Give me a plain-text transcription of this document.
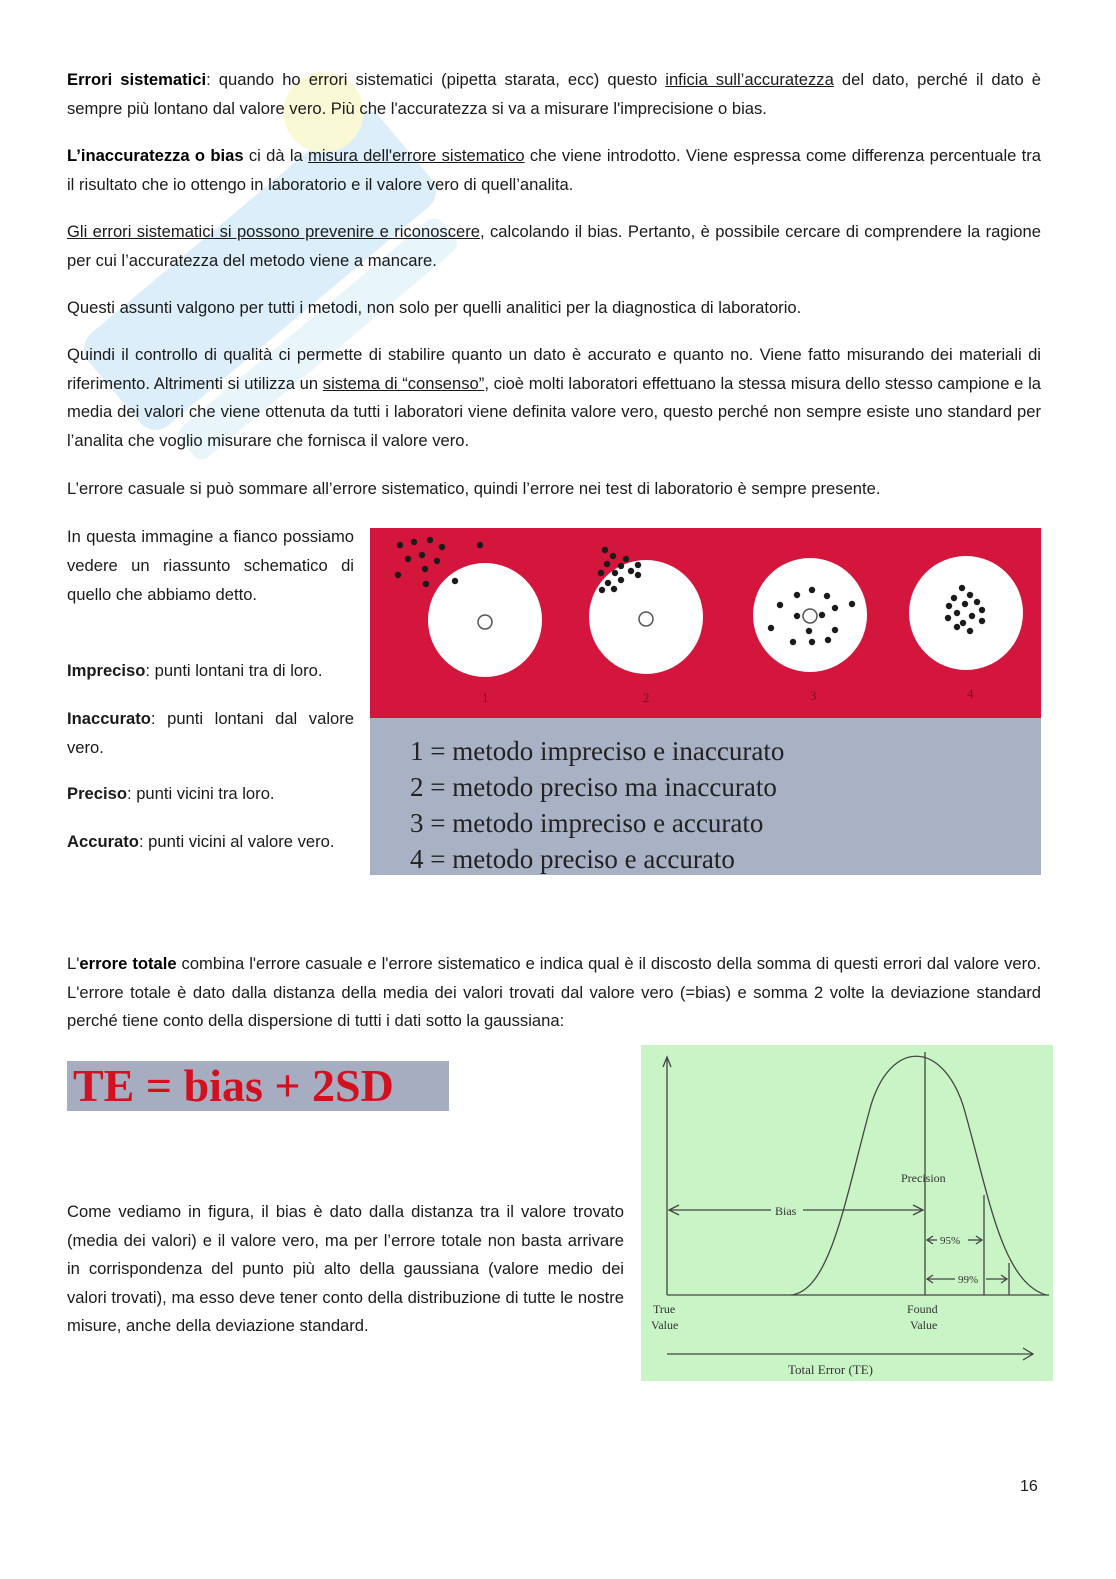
Errori sistematici: quando ho errori sistematici (pipetta starata, ecc) questo inficia sull’accuratezza del dato, perché il dato è sempre più lontano dal valore vero. Più che l'accuratezza si va a misurare l'imprecisione o bias.

L’inaccuratezza o bias ci dà la misura dell'errore sistematico che viene introdotto. Viene espressa come differenza percentuale tra il risultato che io ottengo in laboratorio e il valore vero di quell’analita.

Gli errori sistematici si possono prevenire e riconoscere, calcolando il bias. Pertanto, è possibile cercare di comprendere la ragione per cui l’accuratezza del metodo viene a mancare.

Questi assunti valgono per tutti i metodi, non solo per quelli analitici per la diagnostica di laboratorio.

Quindi il controllo di qualità ci permette di stabilire quanto un dato è accurato e quanto no. Viene fatto misurando dei materiali di riferimento. Altrimenti si utilizza un sistema di “consenso”, cioè molti laboratori effettuano la stessa misura dello stesso campione e la media dei valori che viene ottenuta da tutti i laboratori viene definita valore vero, questo perché non sempre esiste uno standard per l’analita che voglio misurare che fornisca il valore vero.

L’errore casuale si può sommare all’errore sistematico, quindi l’errore nei test di laboratorio è sempre presente.

In questa immagine a fianco possiamo vedere un riassunto schematico di quello che abbiamo detto.

Impreciso: punti lontani tra di loro.

Inaccurato: punti lontani dal valore vero.

Preciso: punti vicini tra loro.

Accurato: punti vicini al valore vero.

1	2	3	4
1 = metodo impreciso e inaccurato
2 = metodo preciso ma inaccurato
3 = metodo impreciso e accurato
4 = metodo preciso e accurato

L'errore totale combina l'errore casuale e l'errore sistematico e indica qual è il discosto della somma di questi errori dal valore vero. L'errore totale è dato dalla distanza della media dei valori trovati dal valore vero (=bias) e somma 2 volte la deviazione standard perché tiene conto della dispersione di tutti i dati sotto la gaussiana:

TE = bias + 2SD

Come vediamo in figura, il bias è dato dalla distanza tra il valore trovato (media dei valori) e il valore vero, ma per l’errore totale non basta arrivare in corrispondenza del punto più alto della gaussiana (valore medio dei valori trovati), ma esso deve tener conto della distribuzione di tutte le nostre misure, anche della deviazione standard.

Precision
Bias
95%
99%
True
Value
Found
Value
Total Error (TE)
16
